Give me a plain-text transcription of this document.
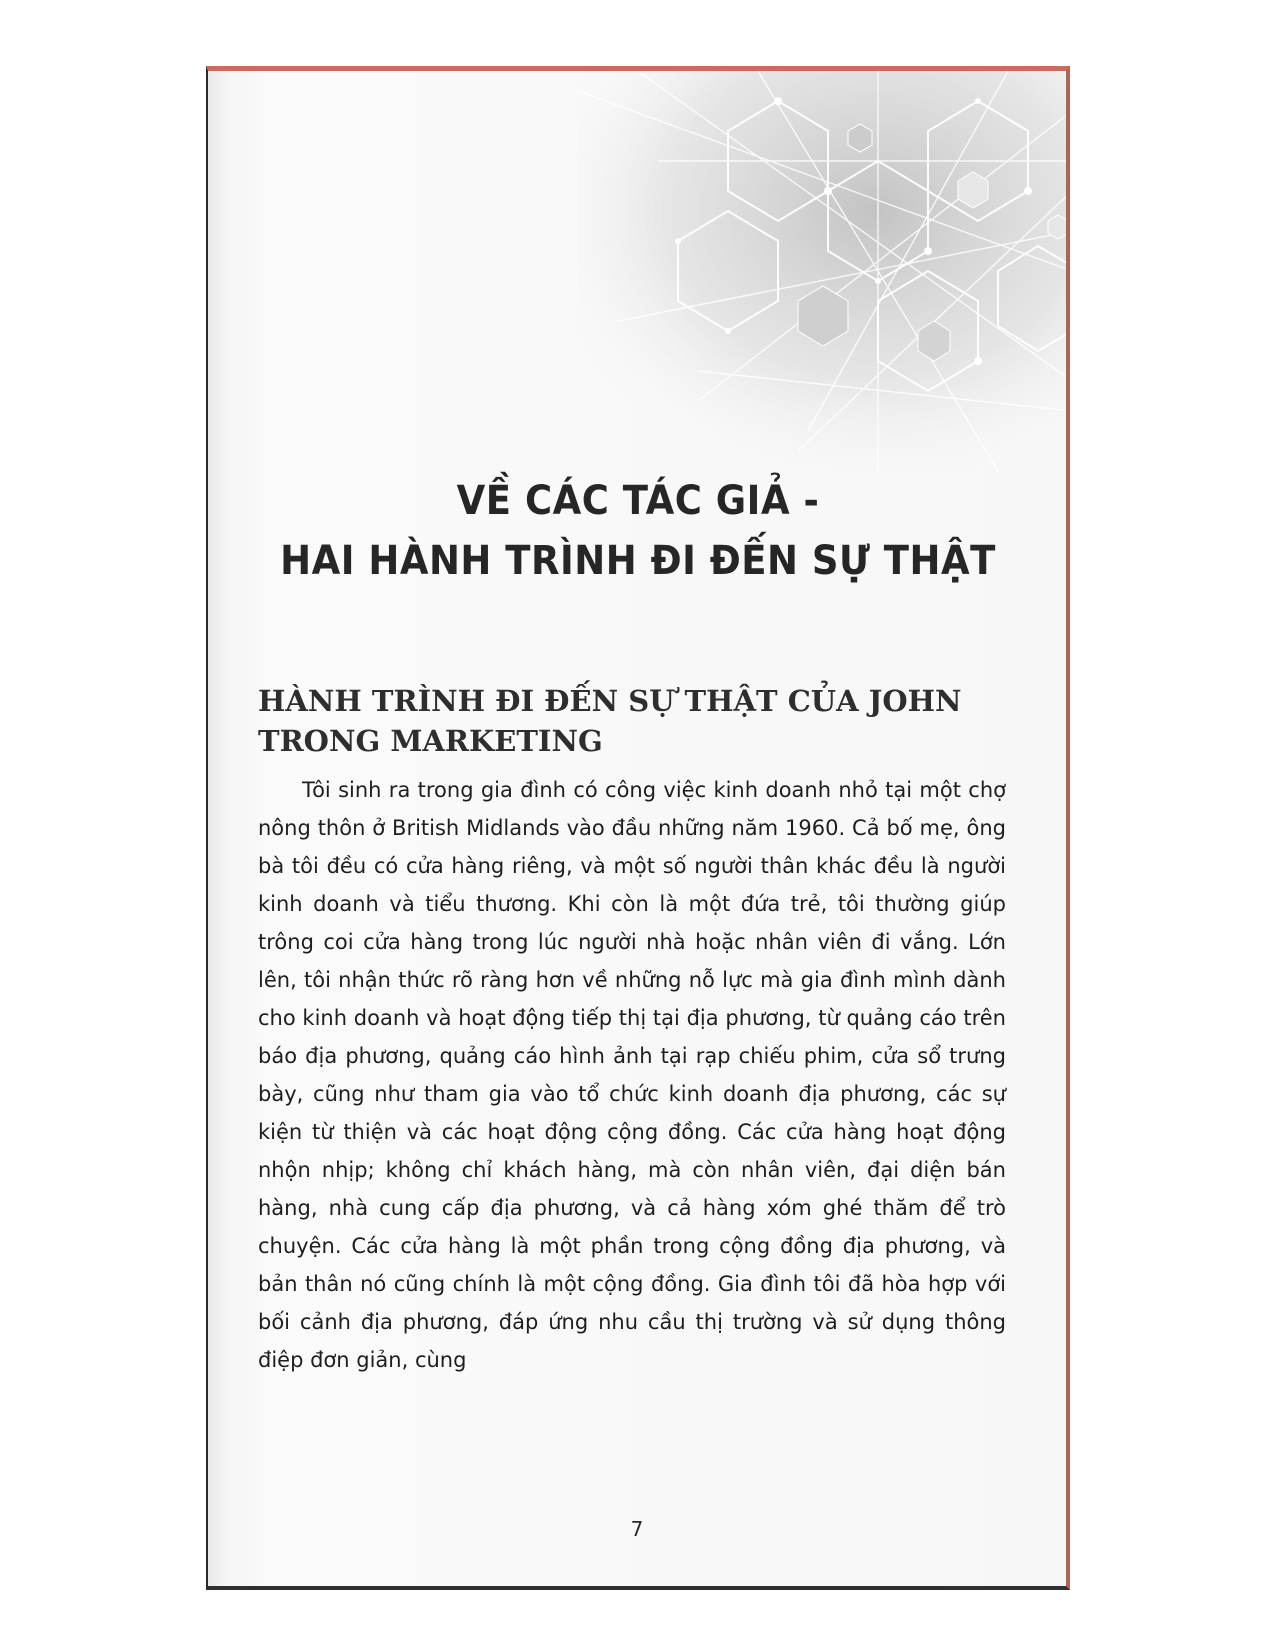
VỀ CÁC TÁC GIẢ -
HAI HÀNH TRÌNH ĐI ĐẾN SỰ THẬT
HÀNH TRÌNH ĐI ĐẾN SỰ THẬT CỦA JOHN TRONG MARKETING

Tôi sinh ra trong gia đình có công việc kinh doanh nhỏ tại một chợ nông thôn ở British Midlands vào đầu những năm 1960. Cả bố mẹ, ông bà tôi đều có cửa hàng riêng, và một số người thân khác đều là người kinh doanh và tiểu thương. Khi còn là một đứa trẻ, tôi thường giúp trông coi cửa hàng trong lúc người nhà hoặc nhân viên đi vắng. Lớn lên, tôi nhận thức rõ ràng hơn về những nỗ lực mà gia đình mình dành cho kinh doanh và hoạt động tiếp thị tại địa phương, từ quảng cáo trên báo địa phương, quảng cáo hình ảnh tại rạp chiếu phim, cửa sổ trưng bày, cũng như tham gia vào tổ chức kinh doanh địa phương, các sự kiện từ thiện và các hoạt động cộng đồng. Các cửa hàng hoạt động nhộn nhịp; không chỉ khách hàng, mà còn nhân viên, đại diện bán hàng, nhà cung cấp địa phương, và cả hàng xóm ghé thăm để trò chuyện. Các cửa hàng là một phần trong cộng đồng địa phương, và bản thân nó cũng chính là một cộng đồng. Gia đình tôi đã hòa hợp với bối cảnh địa phương, đáp ứng nhu cầu thị trường và sử dụng thông điệp đơn giản, cùng

7
